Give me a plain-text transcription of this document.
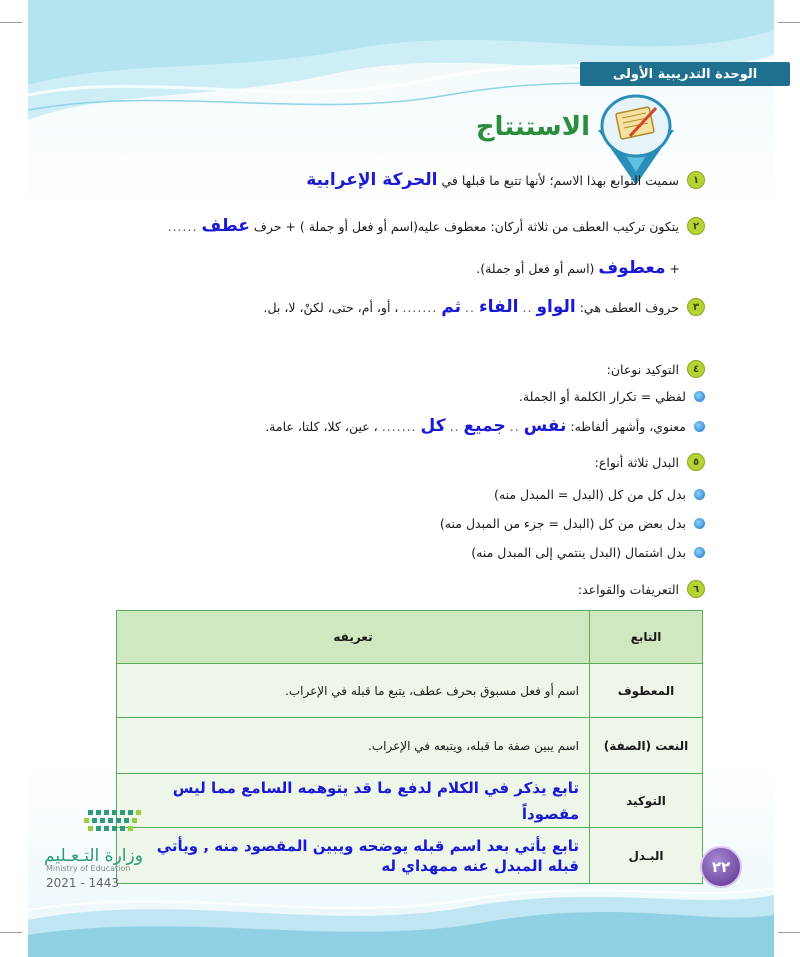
الوحدة التدريبية الأولى
الاستنتاج
١
سميت التوابع بهذا الاسم؛ لأنها تتبع ما قبلها في
الحركة الإعرابية
٢
يتكون تركيب العطف من ثلاثة أركان: معطوف عليه(اسم أو فعل أو جملة ) + حرف
عطف
......
+
معطوف
(اسم أو فعل أو جملة).
٣
حروف العطف هي:
الواو
..
الفاء
..
ثم
.......
، أو، أم، حتى، لكنْ، لا، بل.
٤
التوكيد نوعان:
لفظي = تكرار الكلمة أو الجملة.
معنوي، وأشهر ألفاظه:
نفس
..
جميع
..
كل
.......
، عين، كلا، كلتا، عامة.
٥
البدل ثلاثة أنواع:
بدل كل من كل (البدل = المبدل منه)
بدل بعض من كل (البدل = جزء من المبدل منه)
بدل اشتمال (البدل ينتمي إلى المبدل منه)
٦
التعريفات والقواعد:
التابع	تعريفه
المعطوف	اسم أو فعل مسبوق بحرف عطف، يتبع ما قبله في الإعراب.
النعت (الصفة)	اسم يبين صفة ما قبله، ويتبعه في الإعراب.
التوكيد	تابع يذكر في الكلام لدفع ما قد يتوهمه السامع مما ليس مقصوداً
البـدل	تابع يأتي بعد اسم قبله يوضحه ويبين المقصود منه , ويأتي
قبله المبدل عنه ممهداي له
وزارة التـعـليم
Ministry of Education
2021 - 1443
٢٢
